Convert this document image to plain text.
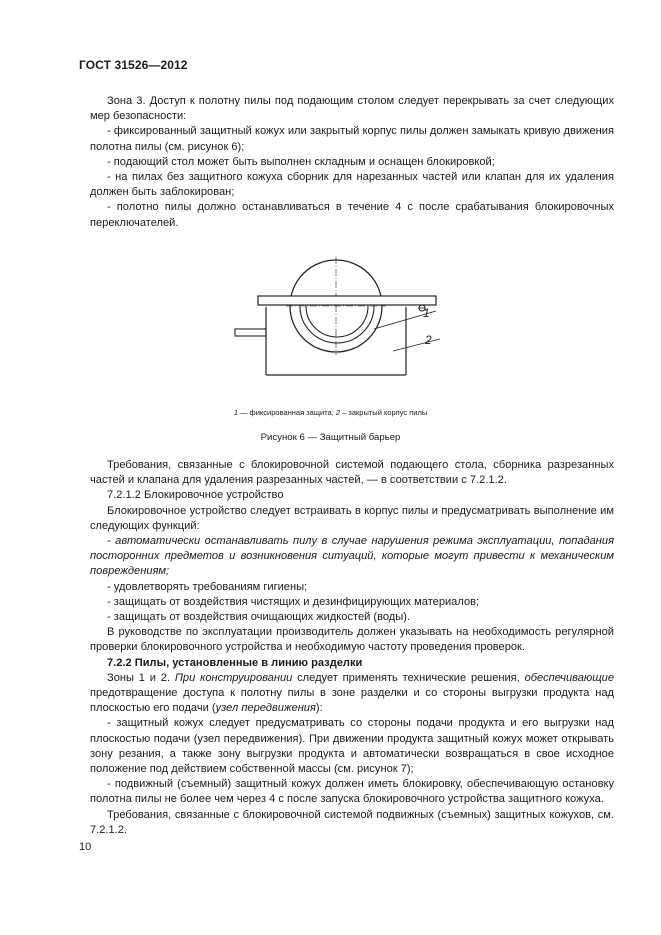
ГОСТ 31526—2012

Зона 3. Доступ к полотну пилы под подающим столом следует перекрывать за счет следующих мер безопасности:

- фиксированный защитный кожух или закрытый корпус пилы должен замыкать кривую движения полотна пилы (см. рисунок 6);

- подающий стол может быть выполнен складным и оснащен блокировкой;

- на пилах без защитного кожуха сборник для нарезанных частей или клапан для их удаления должен быть заблокирован;

- полотно пилы должно останавливаться в течение 4 с после срабатывания блокировочных переключателей.

1
2
1 — фиксированная защита; 2 – закрытый корпус пилы
Рисунок 6 — Защитный барьер

Требования, связанные с блокировочной системой подающего стола, сборника разрезанных частей и клапана для удаления разрезанных частей, — в соответствии с 7.2.1.2.

7.2.1.2 Блокировочное устройство

Блокировочное устройство следует встраивать в корпус пилы и предусматривать выполнение им следующих функций:

- автоматически останавливать пилу в случае нарушения режима эксплуатации, попадания посторонних предметов и возникновения ситуаций, которые могут привести к механическим повреждениям;

- удовлетворять требованиям гигиены;

- защищать от воздействия чистящих и дезинфицирующих материалов;

- защищать от воздействия очищающих жидкостей (воды).

В руководстве по эксплуатации производитель должен указывать на необходимость регулярной проверки блокировочного устройства и необходимую частоту проведения проверок.

7.2.2 Пилы, установленные в линию разделки

Зоны 1 и 2. При конструировании следует применять технические решения, обеспечивающие предотвращение доступа к полотну пилы в зоне разделки и со стороны выгрузки продукта над плоскостью его подачи (узел передвижения):

- защитный кожух следует предусматривать со стороны подачи продукта и его выгрузки над плоскостью подачи (узел передвижения). При движении продукта защитный кожух может открывать зону резания, а также зону выгрузки продукта и автоматически возвращаться в свое исходное положение под действием собственной массы (см. рисунок 7);

- подвижный (съемный) защитный кожух должен иметь блокировку, обеспечивающую остановку полотна пилы не более чем через 4 с после запуска блокировочного устройства защитного кожуха.

Требования, связанные с блокировочной системой подвижных (съемных) защитных кожухов, см. 7.2.1.2.

10
